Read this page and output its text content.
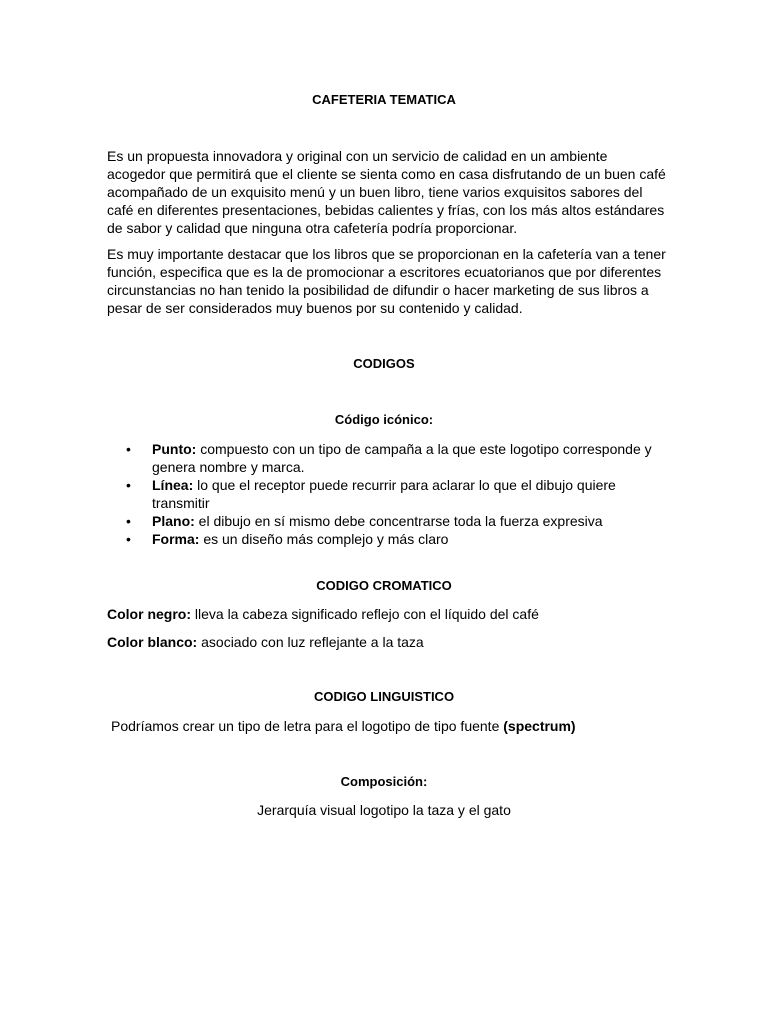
CAFETERIA TEMATICA

Es un propuesta innovadora y original con un servicio de calidad en un ambiente acogedor que permitirá que el cliente se sienta como en casa disfrutando de un buen café acompañado de un exquisito menú y un buen libro, tiene varios exquisitos sabores del café en diferentes presentaciones, bebidas calientes y frías, con los más altos estándares de sabor y calidad que ninguna otra cafetería podría proporcionar.

Es muy importante destacar que los libros que se proporcionan en la cafetería van a tener función, especifica que es la de promocionar a escritores ecuatorianos que por diferentes circunstancias no han tenido la posibilidad de difundir o hacer marketing de sus libros a pesar de ser considerados muy buenos por su contenido y calidad.

CODIGOS
Código icónico:
• Punto: compuesto con un tipo de campaña a la que este logotipo corresponde y genera nombre y marca.
• Línea: lo que el receptor puede recurrir para aclarar lo que el dibujo quiere transmitir
• Plano: el dibujo en sí mismo debe concentrarse toda la fuerza expresiva
• Forma: es un diseño más complejo y más claro
CODIGO CROMATICO

Color negro: lleva la cabeza significado reflejo con el líquido del café

Color blanco: asociado con luz reflejante a la taza

CODIGO LINGUISTICO

Podríamos crear un tipo de letra para el logotipo de tipo fuente (spectrum)

Composición:

Jerarquía visual logotipo la taza y el gato
